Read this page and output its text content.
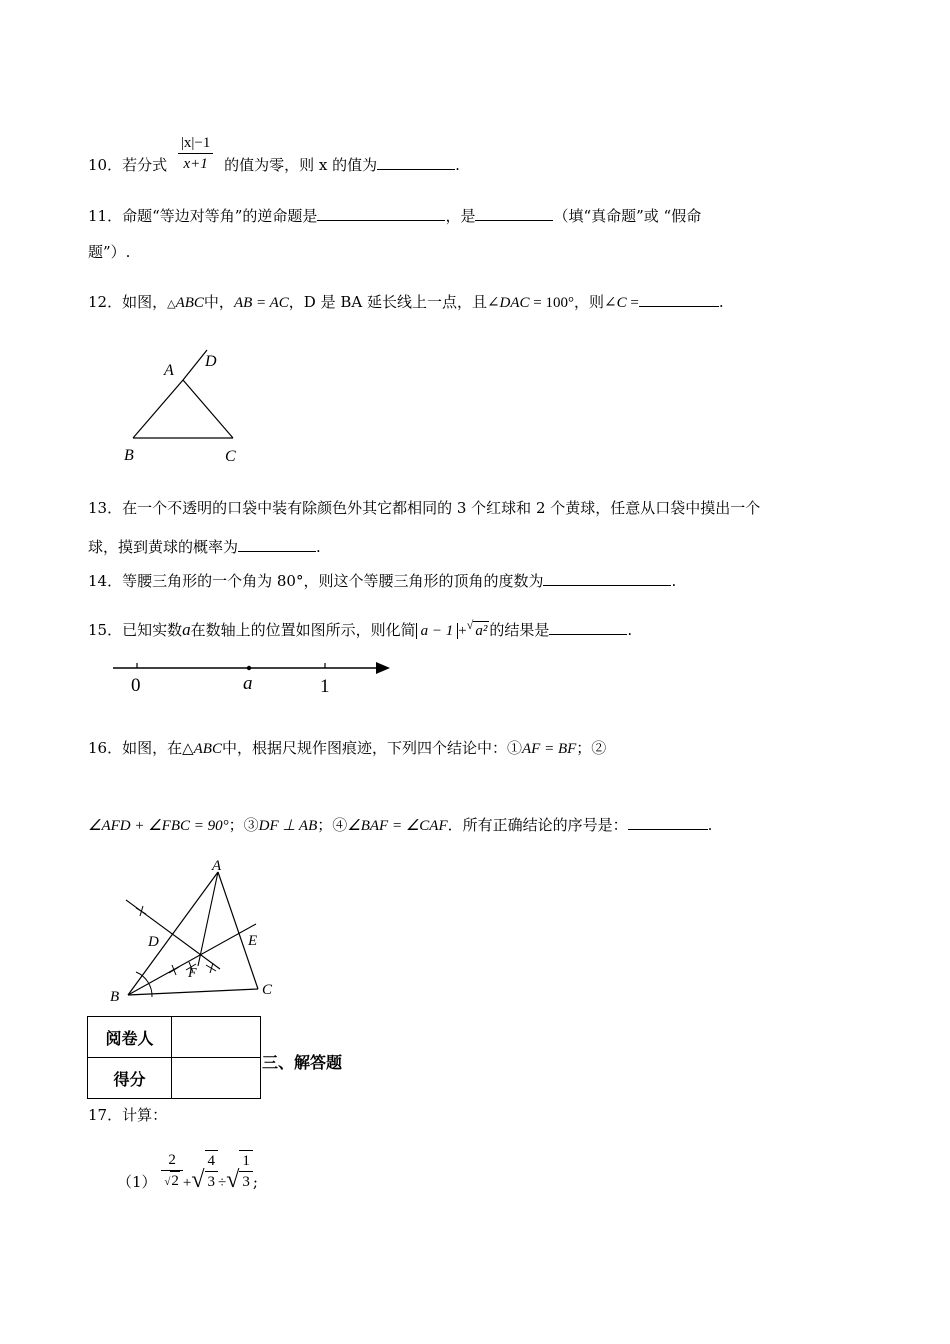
10．若分式 $\frac{|x|-1}{x+1}$ 的值为零，则 x 的值为	.
11．命题“等边对等角”的逆命题是	，是	（填“真命题”或 “假命
题”）.
12．如图，△ABC中，AB = AC，D 是 BA 延长线上一点，且∠DAC = 100°，则∠C =	.
A
D
B	C
13．在一个不透明的口袋中装有除颜色外其它都相同的 3 个红球和 2 个黄球，任意从口袋中摸出一个
球，摸到黄球的概率为	.
14．等腰三角形的一个角为 80°，则这个等腰三角形的顶角的度数为	.
15．已知实数a在数轴上的位置如图所示，则化简 a − 1 +√ a² 的结果是	.
0	a	1
16．如图，在△ABC中，根据尺规作图痕迹，下列四个结论中：①AF = BF；②
∠AFD + ∠FBC = 90°；③DF ⊥ AB；④∠BAF = ∠CAF．所有正确结论的序号是：	.
A
B	C
D	E
F
阅卷人	
得分	
三、解答题
17．计算：
$(1) \frac{2}{√2}$ +√ $\frac{4}{3}$ ÷√ $\frac{1}{3}$ ;
